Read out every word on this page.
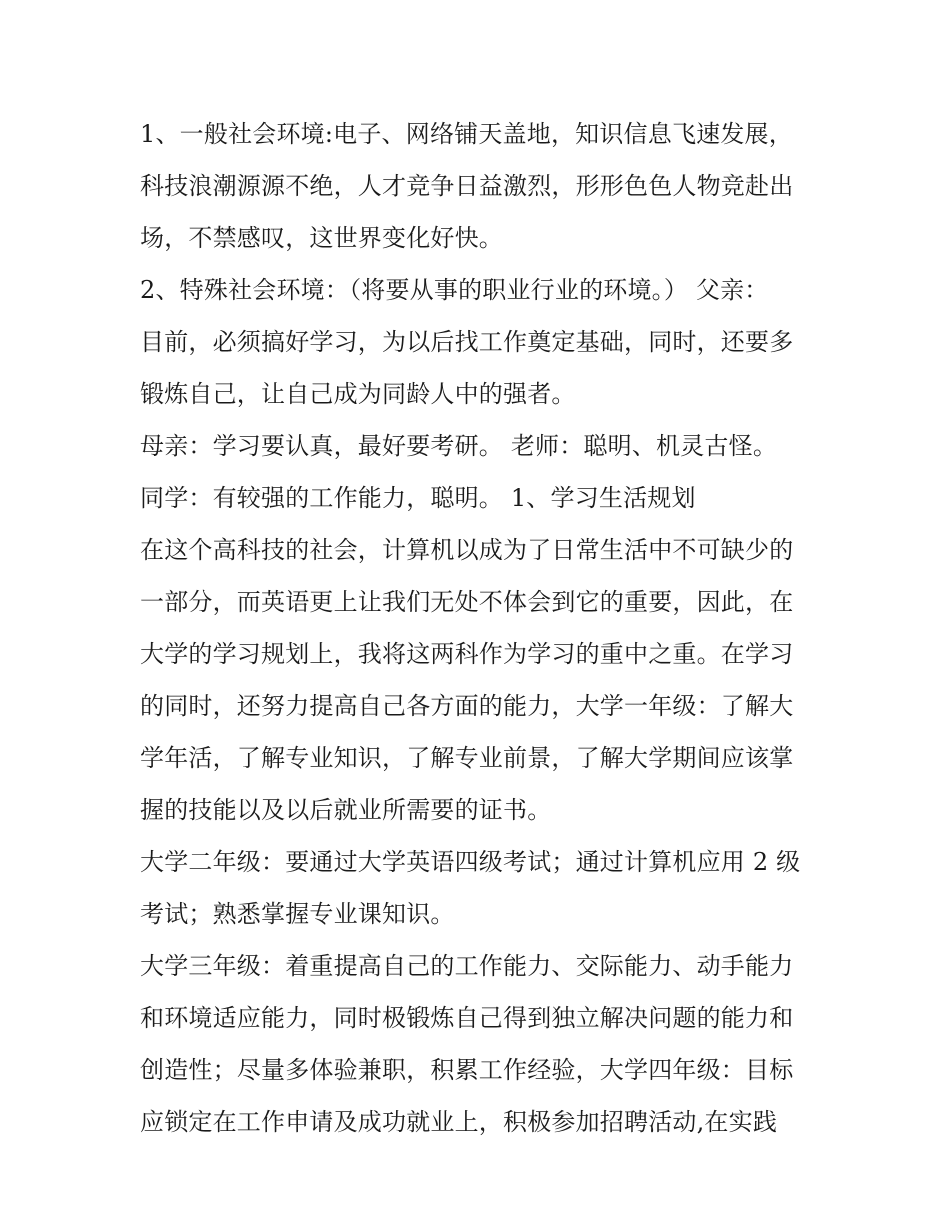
1、一般社会环境:电子、网络铺天盖地，知识信息飞速发展，
科技浪潮源源不绝，人才竞争日益激烈，形形色色人物竞赴出
场，不禁感叹，这世界变化好快。
2、特殊社会环境：（将要从事的职业行业的环境。） 父亲：
目前，必须搞好学习，为以后找工作奠定基础，同时，还要多
锻炼自己，让自己成为同龄人中的强者。
母亲：学习要认真，最好要考研。 老师：聪明、机灵古怪。
同学：有较强的工作能力，聪明。 1、学习生活规划
在这个高科技的社会，计算机以成为了日常生活中不可缺少的
一部分，而英语更上让我们无处不体会到它的重要，因此，在
大学的学习规划上，我将这两科作为学习的重中之重。在学习
的同时，还努力提高自己各方面的能力，大学一年级：了解大
学年活，了解专业知识，了解专业前景，了解大学期间应该掌
握的技能以及以后就业所需要的证书。
大学二年级：要通过大学英语四级考试；通过计算机应用 2 级
考试；熟悉掌握专业课知识。
大学三年级：着重提高自己的工作能力、交际能力、动手能力
和环境适应能力，同时极锻炼自己得到独立解决问题的能力和
创造性；尽量多体验兼职，积累工作经验，大学四年级：目标
应锁定在工作申请及成功就业上，积极参加招聘活动,在实践
